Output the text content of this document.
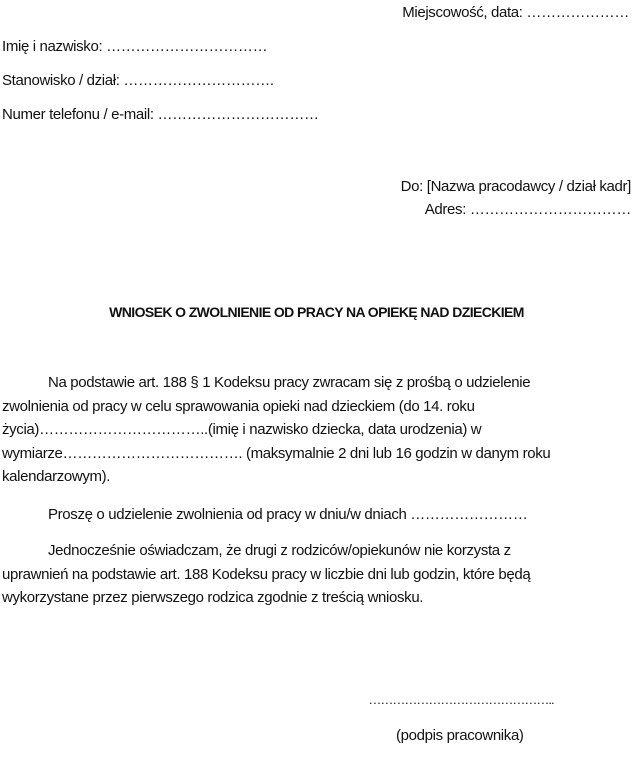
Miejscowość, data: …………………
Imię i nazwisko: ……………………………
Stanowisko / dział: ………………………….
Numer telefonu / e-mail: ……………………………
Do: [Nazwa pracodawcy / dział kadr]
Adres: ……………………………
WNIOSEK O ZWOLNIENIE OD PRACY NA OPIEKĘ NAD DZIECKIEM
Na podstawie art. 188 § 1 Kodeksu pracy zwracam się z prośbą o udzielenie
zwolnienia od pracy w celu sprawowania opieki nad dzieckiem (do 14. roku
życia)……………………………..(imię i nazwisko dziecka, data urodzenia) w
wymiarze………………………………. (maksymalnie 2 dni lub 16 godzin w danym roku
kalendarzowym).
Proszę o udzielenie zwolnienia od pracy w dniu/w dniach ……………………
Jednocześnie oświadczam, że drugi z rodziców/opiekunów nie korzysta z
uprawnień na podstawie art. 188 Kodeksu pracy w liczbie dni lub godzin, które będą
wykorzystane przez pierwszego rodzica zgodnie z treścią wniosku.
………………………………………..
(podpis pracownika)
